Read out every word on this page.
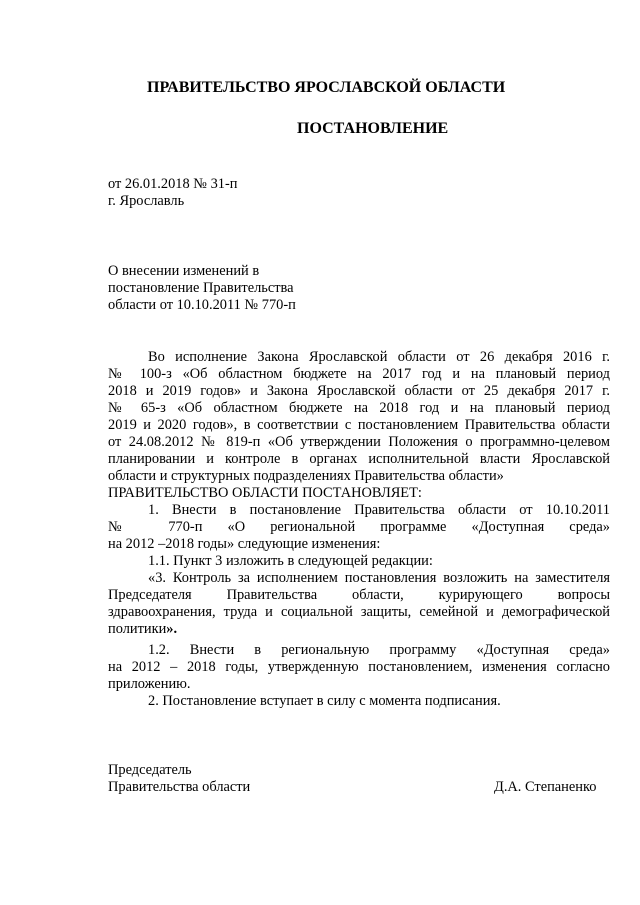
ПРАВИТЕЛЬСТВО ЯРОСЛАВСКОЙ ОБЛАСТИ
ПОСТАНОВЛЕНИЕ
от 26.01.2018 № 31-п
г. Ярославль
О внесении изменений в
постановление Правительства
области от 10.10.2011 № 770-п
Во исполнение Закона Ярославской области от 26 декабря 2016 г.
№ 100-з «Об областном бюджете на 2017 год и на плановый период
2018 и 2019 годов» и Закона Ярославской области от 25 декабря 2017 г.
№ 65-з «Об областном бюджете на 2018 год и на плановый период
2019 и 2020 годов», в соответствии с постановлением Правительства области
от 24.08.2012 № 819-п «Об утверждении Положения о программно-целевом
планировании и контроле в органах исполнительной власти Ярославской
области и структурных подразделениях Правительства области»
ПРАВИТЕЛЬСТВО ОБЛАСТИ ПОСТАНОВЛЯЕТ:
1. Внести в постановление Правительства области от 10.10.2011
№ 770-п «О региональной программе «Доступная среда»
на 2012 –2018 годы» следующие изменения:
1.1. Пункт 3 изложить в следующей редакции:
«3. Контроль за исполнением постановления возложить на заместителя
Председателя Правительства области, курирующего вопросы
здравоохранения, труда и социальной защиты, семейной и демографической
политики».
1.2. Внести в региональную программу «Доступная среда»
на 2012 – 2018 годы, утвержденную постановлением, изменения согласно
приложению.
2. Постановление вступает в силу с момента подписания.
Председатель
Правительства области	Д.А. Степаненко
